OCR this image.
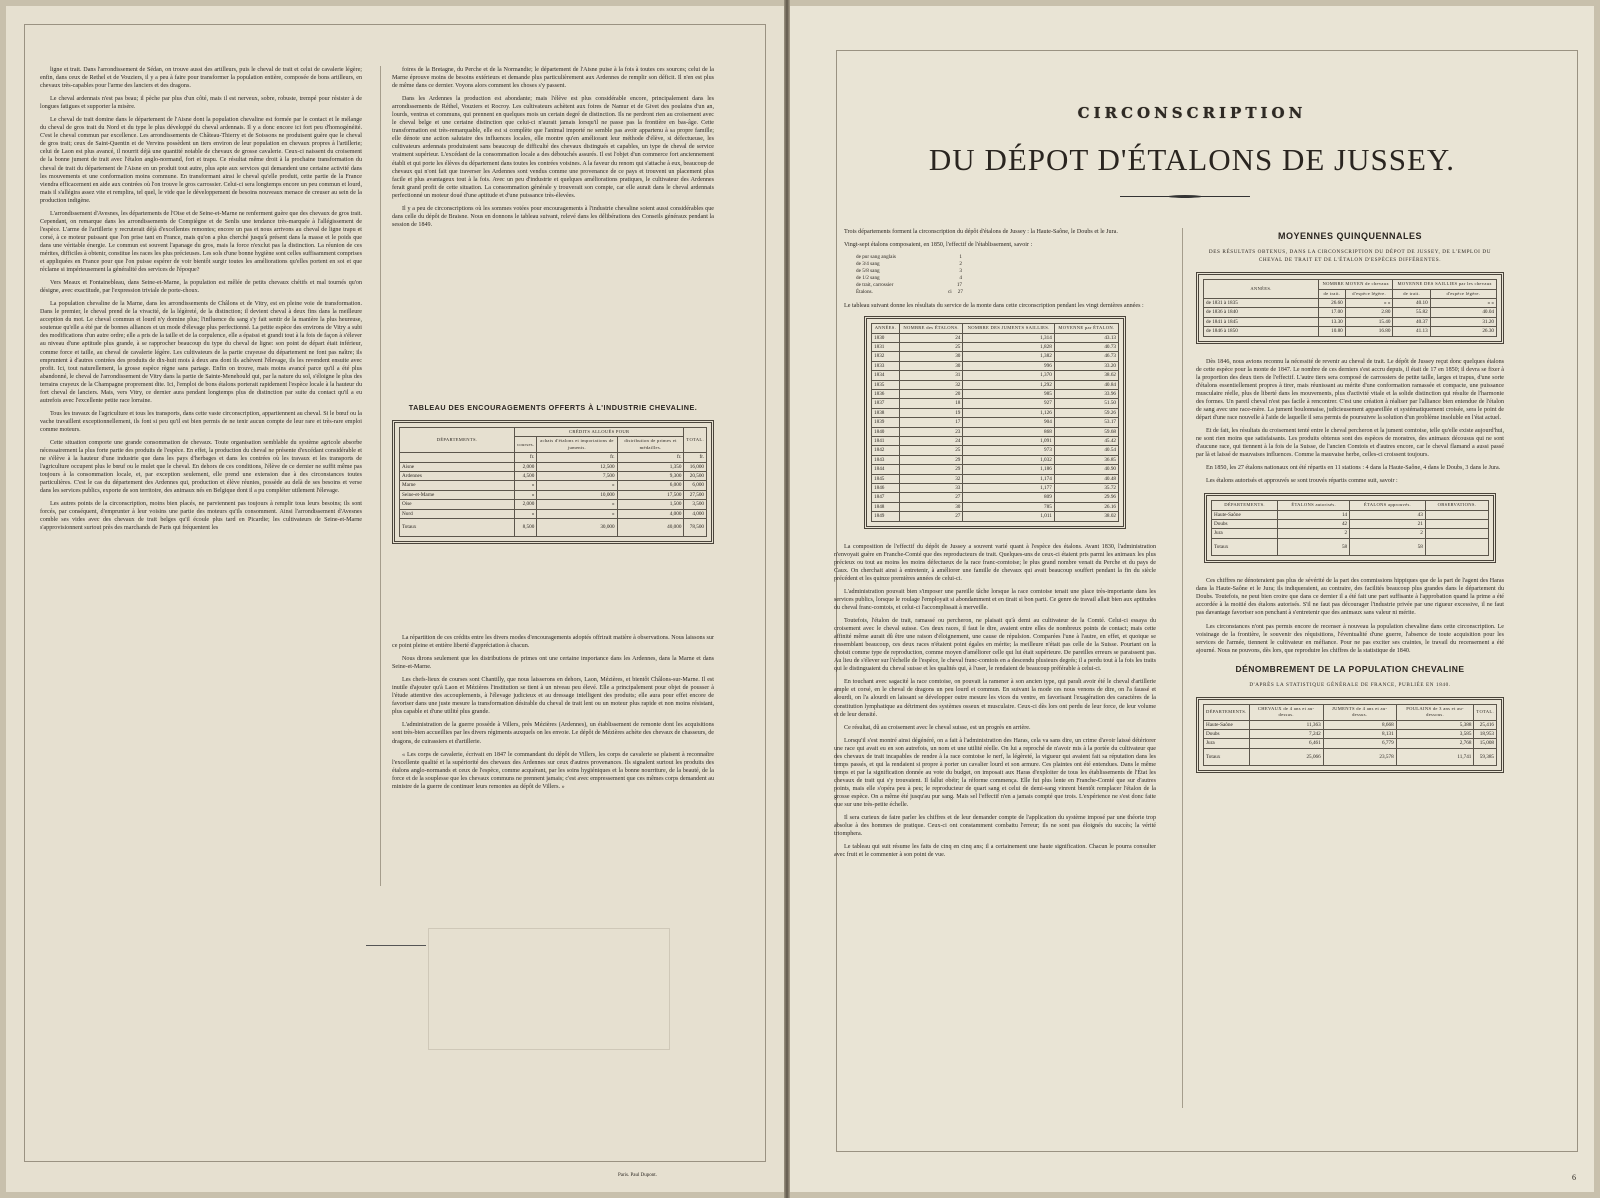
ligne et trait. Dans l'arrondissement de Sédan, on trouve aussi des artilleurs, puis le cheval de trait et celui de cavalerie légère; enfin, dans ceux de Rethel et de Vouziers, il y a peu à faire pour transformer la population entière, composée de bons artilleurs, en chevaux très-capables pour l'arme des lanciers et des dragons.

Le cheval ardennais n'est pas beau; il pèche par plus d'un côté, mais il est nerveux, sobre, robuste, trempé pour résister à de longues fatigues et supporter la misère.

Le cheval de trait domine dans le département de l'Aisne dont la population chevaline est formée par le contact et le mélange du cheval de gros trait du Nord et du type le plus développé du cheval ardennais. Il y a donc encore ici fort peu d'homogénéité. C'est le cheval commun par excellence. Les arrondissements de Château-Thierry et de Soissons ne produisent guère que le cheval de gros trait; ceux de Saint-Quentin et de Vervins possèdent un tiers environ de leur population en chevaux propres à l'artillerie; celui de Laon est plus avancé, il nourrit déjà une quantité notable de chevaux de grosse cavalerie. Ceux-ci naissent du croisement de la bonne jument de trait avec l'étalon anglo-normand, fort et trapu. Ce résultat même droit à la prochaine transformation du cheval de trait du département de l'Aisne en un produit tout autre, plus apte aux services qui demandent une certaine activité dans les mouvements et une conformation moins commune. En transformant ainsi le cheval qu'elle produit, cette partie de la France viendra efficacement en aide aux contrées où l'on trouve le gros carrossier. Celui-ci sera longtemps encore un peu commun et lourd, mais il s'allégira assez vite et remplira, tel quel, le vide que le développement de besoins nouveaux menace de creuser au sein de la production indigène.

L'arrondissement d'Avesnes, les départements de l'Oise et de Seine-et-Marne ne renferment guère que des chevaux de gros trait. Cependant, on remarque dans les arrondissements de Compiègne et de Senlis une tendance très-marquée à l'allégissement de l'espèce. L'arme de l'artillerie y recruterait déjà d'excellentes remontes; encore un pas et nous arrivons au cheval de ligne trapu et corsé, à ce moteur puissant que l'on prise tant en France, mais qu'on a plus cherché jusqu'à présent dans la masse et le poids que dans une véritable énergie. Le commun est souvent l'apanage du gros, mais la force n'exclut pas la distinction. La réunion de ces mérites, difficiles à obtenir, constitue les races les plus précieuses. Les sols d'une bonne hygiène sont celles suffisamment comprises et appliquées en France pour que l'on puisse espérer de voir bientôt surgir toutes les améliorations qu'elles portent en soi et que réclame si impérieusement la généralité des services de l'époque?

Vers Meaux et Fontainebleau, dans Seine-et-Marne, la population est mêlée de petits chevaux chétifs et mal tournés qu'on désigne, avec exactitude, par l'expression triviale de porte-choux.

La population chevaline de la Marne, dans les arrondissements de Châlons et de Vitry, est en pleine voie de transformation. Dans le premier, le cheval prend de la vivacité, de la légèreté, de la distinction; il devient cheval à deux fins dans la meilleure acception du mot. Le cheval commun et lourd n'y domine plus; l'influence du sang s'y fait sentir de la manière la plus heureuse, soutenue qu'elle a été par de bonnes alliances et un mode d'élevage plus perfectionné. La petite espèce des environs de Vitry a subi des modifications d'un autre ordre; elle a pris de la taille et de la corpulence, elle a épaissi et grandi tout à la fois de façon à s'élever au niveau d'une aptitude plus grande, à se rapprocher beaucoup du type du cheval de ligne: son point de départ était inférieur, comme force et taille, au cheval de cavalerie légère. Les cultivateurs de la partie crayeuse du département ne font pas naître; ils empruntent à d'autres contrées des produits de dix-huit mois à deux ans dont ils achèvent l'élevage, ils les revendent ensuite avec profit. Ici, tout naturellement, la grosse espèce règne sans partage. Enfin on trouve, mais moins avancé parce qu'il a été plus abandonné, le cheval de l'arrondissement de Vitry dans la partie de Sainte-Menehould qui, par la nature du sol, s'éloigne le plus des terrains crayeux de la Champagne proprement dite. Ici, l'emploi de bons étalons porterait rapidement l'espèce locale à la hauteur du fort cheval de lanciers. Mais, vers Vitry, ce dernier aura pendant longtemps plus de distinction par suite du contact qu'il a eu autrefois avec l'excellente petite race lorraine.

Tous les travaux de l'agriculture et tous les transports, dans cette vaste circonscription, appartiennent au cheval. Si le bœuf ou la vache travaillent exceptionnellement, ils font si peu qu'il est bien permis de ne tenir aucun compte de leur rare et très-rare emploi comme moteurs.

Cette situation comporte une grande consommation de chevaux. Toute organisation semblable du système agricole absorbe nécessairement la plus forte partie des produits de l'espèce. En effet, la production du cheval ne présente d'excédant considérable et ne s'élève à la hauteur d'une industrie que dans les pays d'herbages et dans les contrées où les travaux et les transports de l'agriculture occupent plus le bœuf ou le mulet que le cheval. En dehors de ces conditions, l'élève de ce dernier ne suffit même pas toujours à la consommation locale, et, par exception seulement, elle prend une extension due à des circonstances toutes particulières. C'est le cas du département des Ardennes qui, production et élève réunies, possède au delà de ses besoins et verse dans les services publics, exporte de son territoire, des animaux nés en Belgique dont il a pu compléter utilement l'élevage.

Les autres points de la circonscription, moins bien placés, ne parviennent pas toujours à remplir tous leurs besoins; ils sont forcés, par conséquent, d'emprunter à leur voisins une partie des moteurs qu'ils consomment. Ainsi l'arrondissement d'Avesnes comble ses vides avec des chevaux de trait belges qu'il écoule plus tard en Picardie; les cultivateurs de Seine-et-Marne s'approvisionnent surtout près des marchands de Paris qui fréquentent les

foires de la Bretagne, du Perche et de la Normandie; le département de l'Aisne puise à la fois à toutes ces sources; celui de la Marne éprouve moins de besoins extérieurs et demande plus particulièrement aux Ardennes de remplir son déficit. Il n'en est plus de même dans ce dernier. Voyons alors comment les choses s'y passent.

Dans les Ardennes la production est abondante; mais l'élève est plus considérable encore, principalement dans les arrondissements de Réthel, Vouziers et Rocroy. Les cultivateurs achètent aux foires de Namur et de Givet des poulains d'un an, lourds, ventrus et communs, qui prennent en quelques mois un certain degré de distinction. Ils ne perdront rien au croisement avec le cheval belge et une certaine distinction que celui-ci n'aurait jamais lorsqu'il ne passe pas la frontière en bas-âge. Cette transformation est très-remarquable, elle est si complète que l'animal importé ne semble pas avoir appartenu à sa propre famille; elle dénote une action salutaire des influences locales, elle montre qu'en améliorant leur méthode d'élève, si défectueuse, les cultivateurs ardennais produiraient sans beaucoup de difficulté des chevaux distingués et capables, un type de cheval de service vraiment supérieur. L'excédant de la consommation locale a des débouchés assurés. Il est l'objet d'un commerce fort anciennement établi et qui porte les élèves du département dans toutes les contrées voisines. A la faveur du renom qui s'attache à eux, beaucoup de chevaux qui n'ont fait que traverser les Ardennes sont vendus comme une provenance de ce pays et trouvent un placement plus facile et plus avantageux tout à la fois. Avec un peu d'industrie et quelques améliorations pratiques, le cultivateur des Ardennes ferait grand profit de cette situation. La consommation générale y trouverait son compte, car elle aurait dans le cheval ardennais perfectionné un moteur doué d'une aptitude et d'une puissance très-élevées.

Il y a peu de circonscriptions où les sommes votées pour encouragements à l'industrie chevaline soient aussi considérables que dans celle du dépôt de Braisne. Nous en donnons le tableau suivant, relevé dans les délibérations des Conseils généraux pendant la session de 1849.

TABLEAU DES ENCOURAGEMENTS OFFERTS À L'INDUSTRIE CHEVALINE.
DÉPARTEMENTS.	CRÉDITS ALLOUÉS POUR			TOTAL.
	courses.	achats d'étalons et importations de juments.	distribution de primes et médailles.	
	fr.	fr.	fr.	fr.
Aisne	2,000	12,500	1,350	16,000
Ardennes	4,500	7,500	9,300	20,500
Marne	»	»	6,000	6,000
Seine-et-Marne	»	10,000	17,500	27,500
Oise	2,000	»	1,500	3,500
Nord	»	»	4,000	4,000
Totaux	8,500	30,000	40,000	78,500

La répartition de ces crédits entre les divers modes d'encouragements adoptés offrirait matière à observations. Nous laissons sur ce point pleine et entière liberté d'appréciation à chacun.

Nous dirons seulement que les distributions de primes ont une certaine importance dans les Ardennes, dans la Marne et dans Seine-et-Marne.

Les chefs-lieux de courses sont Chantilly, que nous laisserons en dehors, Laon, Mézières, et bientôt Châlons-sur-Marne. Il est inutile d'ajouter qu'à Laon et Mézières l'institution se tient à un niveau peu élevé. Elle a principalement pour objet de pousser à l'étude attentive des accouplements, à l'élevage judicieux et au dressage intelligent des produits; elle aura pour effet encore de favoriser dans une juste mesure la transformation désirable du cheval de trait lent ou un moteur plus rapide et non moins résistant, plus capable et d'une utilité plus grande.

L'administration de la guerre possède à Villers, près Mézières (Ardennes), un établissement de remonte dont les acquisitions sont très-bien accueillies par les divers régiments auxquels on les envoie. Le dépôt de Mézières achète des chevaux de chasseurs, de dragons, de cuirassiers et d'artillerie.

« Les corps de cavalerie, écrivait en 1847 le commandant du dépôt de Villers, les corps de cavalerie se plaisent à reconnaître l'excellente qualité et la supériorité des chevaux des Ardennes sur ceux d'autres provenances. Ils signalent surtout les produits des étalons anglo-normands et ceux de l'espèce, comme acquérant, par les soins hygiéniques et la bonne nourriture, de la beauté, de la force et de la souplesse que les chevaux communs ne prennent jamais; c'est avec empressement que ces mêmes corps demandent au ministre de la guerre de continuer leurs remontes au dépôt de Villers. »

CIRCONSCRIPTION
DU DÉPOT D'ÉTALONS DE JUSSEY.

Trois départements forment la circonscription du dépôt d'étalons de Jussey : la Haute-Saône, le Doubs et le Jura.

Vingt-sept étalons composaient, en 1850, l'effectif de l'établissement, savoir :

de pur sang anglais	1
de 3/4 sang	2
de 5/8 sang	3
de 1/2 sang	4
de trait, carrossier	17
Étalons.	ci 27

Le tableau suivant donne les résultats du service de la monte dans cette circonscription pendant les vingt dernières années :

ANNÉES.	NOMBRE des ÉTALONS.	NOMBRE DES JUMENTS SAILLIES.	MOYENNE par ÉTALON.
1830	24	1,314	43.13
1831	25	1,828	40.73
1832	30	1,382	46.73
1833	30	996	33.20
1834	31	1,370	38.62
1835	32	1,292	40.84
1836	20	985	33.96
1837	18	927	51.50
1838	19	1,126	59.26
1839	17	904	53.17
1840	23	868	59.68
1841	24	1,091	45.42
1842	25	973	40.54
1843	29	1,032	36.85
1844	29	1,186	40.90
1845	32	1,174	40.48
1846	33	1,177	35.72
1847	27	809	29.96
1848	30	785	26.16
1849	27	1,011	38.02

La composition de l'effectif du dépôt de Jussey a souvent varié quant à l'espèce des étalons. Avant 1830, l'administration n'envoyait guère en Franche-Comté que des reproducteurs de trait. Quelques-uns de ceux-ci étaient pris parmi les animaux les plus précieux ou tout au moins les moins défectueux de la race franc-comtoise; le plus grand nombre venait du Perche et du pays de Caux. On cherchait ainsi à entretenir, à améliorer une famille de chevaux qui avait beaucoup souffert pendant la fin du siècle précédent et les quinze premières années de celui-ci.

L'administration pouvait bien s'imposer une pareille tâche lorsque la race comtoise tenait une place très-importante dans les services publics, lorsque le roulage l'employait si abondamment et en tirait si bon parti. Ce genre de travail allait bien aux aptitudes du cheval franc-comtois, et celui-ci l'accomplissait à merveille.

Toutefois, l'étalon de trait, ramassé ou percheron, ne plaisait qu'à demi au cultivateur de la Comté. Celui-ci essaya du croisement avec le cheval suisse. Ces deux races, il faut le dire, avaient entre elles de nombreux points de contact; mais cette affinité même aurait dû être une raison d'éloignement, une cause de répulsion. Comparées l'une à l'autre, en effet, et quoique se ressemblant beaucoup, ces deux races n'étaient point égales en mérite; la meilleure n'était pas celle de la Suisse. Pourtant on la choisit comme type de reproduction, comme moyen d'améliorer celle qui lui était supérieure. De pareilles erreurs se paraissent pas. Au lieu de s'élever sur l'échelle de l'espèce, le cheval franc-comtois en a descendu plusieurs degrés; il a perdu tout à la fois les traits qui le distinguaient du cheval suisse et les qualités qui, à l'user, le rendaient de beaucoup préférable à celui-ci.

En touchant avec sagacité la race comtoise, on pouvait la ramener à son ancien type, qui paraît avoir été le cheval d'artillerie ample et corsé, en le cheval de dragons un peu lourd et commun. En suivant la mode ces nous venons de dire, on l'a faussé et alourdi, on l'a alourdi en laissant se développer outre mesure les vices du ventre, en favorisant l'exagération des caractères de la constitution lymphatique au détriment des systèmes osseux et musculaire. Ceux-ci dès lors ont perdu de leur force, de leur volume et de leur densité.

Ce résultat, dû au croisement avec le cheval suisse, est un progrès en arrière.

Lorsqu'il s'est montré ainsi dégénéré, on a fait à l'administration des Haras, cela va sans dire, un crime d'avoir laissé détériorer une race qui avait eu en son autrefois, un nom et une utilité réelle. On lui a reproché de n'avoir mis à la portée du cultivateur que des chevaux de trait incapables de rendre à la race comtoise le nerf, la légèreté, la vigueur qui avaient fait sa réputation dans les temps passés, et qui la rendaient si propre à porter un cavalier lourd et son armure. Ces plaintes ont été entendues. Dans le même temps et par la signification donnée au vote du budget, on imposait aux Haras d'exploiter de tous les établissements de l'État les chevaux de trait qui s'y trouvaient. Il fallut obéir; la réforme commença. Elle fut plus lente en Franche-Comté que sur d'autres points, mais elle s'opéra peu à peu; le reproducteur de quart sang et celui de demi-sang vinrent bientôt remplacer l'étalon de la grosse espèce. On a même été jusqu'au pur sang. Mais sel l'effectif n'en a jamais compté que trois. L'expérience ne s'est donc faite que sur une très-petite échelle.

Il sera curieux de faire parler les chiffres et de leur demander compte de l'application du système imposé par une théorie trop absolue à des hommes de pratique. Ceux-ci ont constamment combattu l'erreur; ils ne sont pas éloignés du succès; la vérité triomphera.

Le tableau qui suit résume les faits de cinq en cinq ans; il a certainement une haute signification. Chacun le pourra consulter avec fruit et le commenter à son point de vue.

MOYENNES QUINQUENNALES
DES RÉSULTATS OBTENUS, DANS LA CIRCONSCRIPTION DU DÉPOT DE JUSSEY, DE L'EMPLOI DU CHEVAL DE TRAIT ET DE L'ÉTALON D'ESPÈCES DIFFÉRENTES.
ANNÉES.	NOMBRE MOYEN de chevaux		MOYENNE DES SAILLIES par les chevaux	
	de trait.	d'espèce légère.	de trait.	d'espèce légère.
de 1831 à 1835	26.60	» »	40.10	» »
de 1836 à 1840	17.00	2.80	55.82	40.04
de 1841 à 1845	13.30	15.40	40.37	31.20
de 1846 à 1850	10.80	16.80	41.13	26.30

Dès 1846, nous avions reconnu la nécessité de revenir au cheval de trait. Le dépôt de Jussey reçut donc quelques étalons de cette espèce pour la monte de 1847. Le nombre de ces derniers s'est accru depuis, il était de 17 en 1850; il devra se fixer à la proportion des deux tiers de l'effectif. L'autre tiers sera composé de carrossiers de petite taille, larges et trapus, d'une sorte d'étalons essentiellement propres à tirer, mais réunissant au mérite d'une conformation ramassée et compacte, une puissance musculaire réelle, plus de liberté dans les mouvements, plus d'activité vitale et la solide distinction qui résulte de l'harmonie des formes. Un pareil cheval n'est pas facile à rencontrer. C'est une création à réaliser par l'alliance bien entendue de l'étalon de sang avec une race-mère. La jument boulonnaise, judicieusement appareillée et systématiquement croisée, sera le point de départ d'une race nouvelle à l'aide de laquelle il sera permis de poursuivre la solution d'un problème insoluble en l'état actuel.

Et de fait, les résultats du croisement tenté entre le cheval percheron et la jument comtoise, telle qu'elle existe aujourd'hui, ne sont rien moins que satisfaisants. Les produits obtenus sont des espèces de monstres, des animaux décousus qui ne sont d'aucune race, qui tiennent à la fois de la Suisse, de l'ancien Comtois et d'autres encore, car le cheval flamand a aussi passé par là et laissé de mauvaises influences. Comme la mauvaise herbe, celles-ci croissent toujours.

En 1850, les 27 étalons nationaux ont été répartis en 11 stations : 4 dans la Haute-Saône, 4 dans le Doubs, 3 dans le Jura.

Les étalons autorisés et approuvés se sont trouvés répartis comme suit, savoir :

DÉPARTEMENTS.	ÉTALONS autorisés.	ÉTALONS approuvés.	OBSERVATIONS.
Haute-Saône	14	43	
Doubs	42	21	
Jura	2	2	
Totaux	58	58	

Ces chiffres ne dénoteraient pas plus de sévérité de la part des commissions hippiques que de la part de l'agent des Haras dans la Haute-Saône et le Jura; ils indiqueraient, au contraire, des facilités beaucoup plus grandes dans le département du Doubs. Toutefois, ne peut bien croire que dans ce dernier il a été fait une part suffisante à l'approbation quand la prime a été accordée à la moitié des étalons autorisés. S'il ne faut pas décourager l'industrie privée par une rigueur excessive, il ne faut pas davantage favoriser son penchant à s'entretenir que des animaux sans valeur ni mérite.

Les circonstances n'ont pas permis encore de recenser à nouveau la population chevaline dans cette circonscription. Le voisinage de la frontière, le souvenir des réquisitions, l'éventualité d'une guerre, l'absence de toute acquisition pour les services de l'armée, tiennent le cultivateur en méfiance. Pour ne pas exciter ses craintes, le travail du recensement a été ajourné. Nous ne pouvons, dès lors, que reproduire les chiffres de la statistique de 1840.

DÉNOMBREMENT DE LA POPULATION CHEVALINE
D'APRÈS LA STATISTIQUE GÉNÉRALE DE FRANCE, PUBLIÉE EN 1840.
DÉPARTEMENTS.	CHEVAUX de 4 ans et au-dessus.	JUMENTS de 4 ans et au-dessus.	POULAINS de 3 ans et au-dessous.	TOTAL.
Haute-Saône	11,363	8,668	5,388	25,416
Doubs	7,242	8,131	3,585	18,953
Jura	6,461	6,779	2,768	15,008
Totaux	25,066	23,578	11,741	59,385
Paris. Paul Dupont.	6
